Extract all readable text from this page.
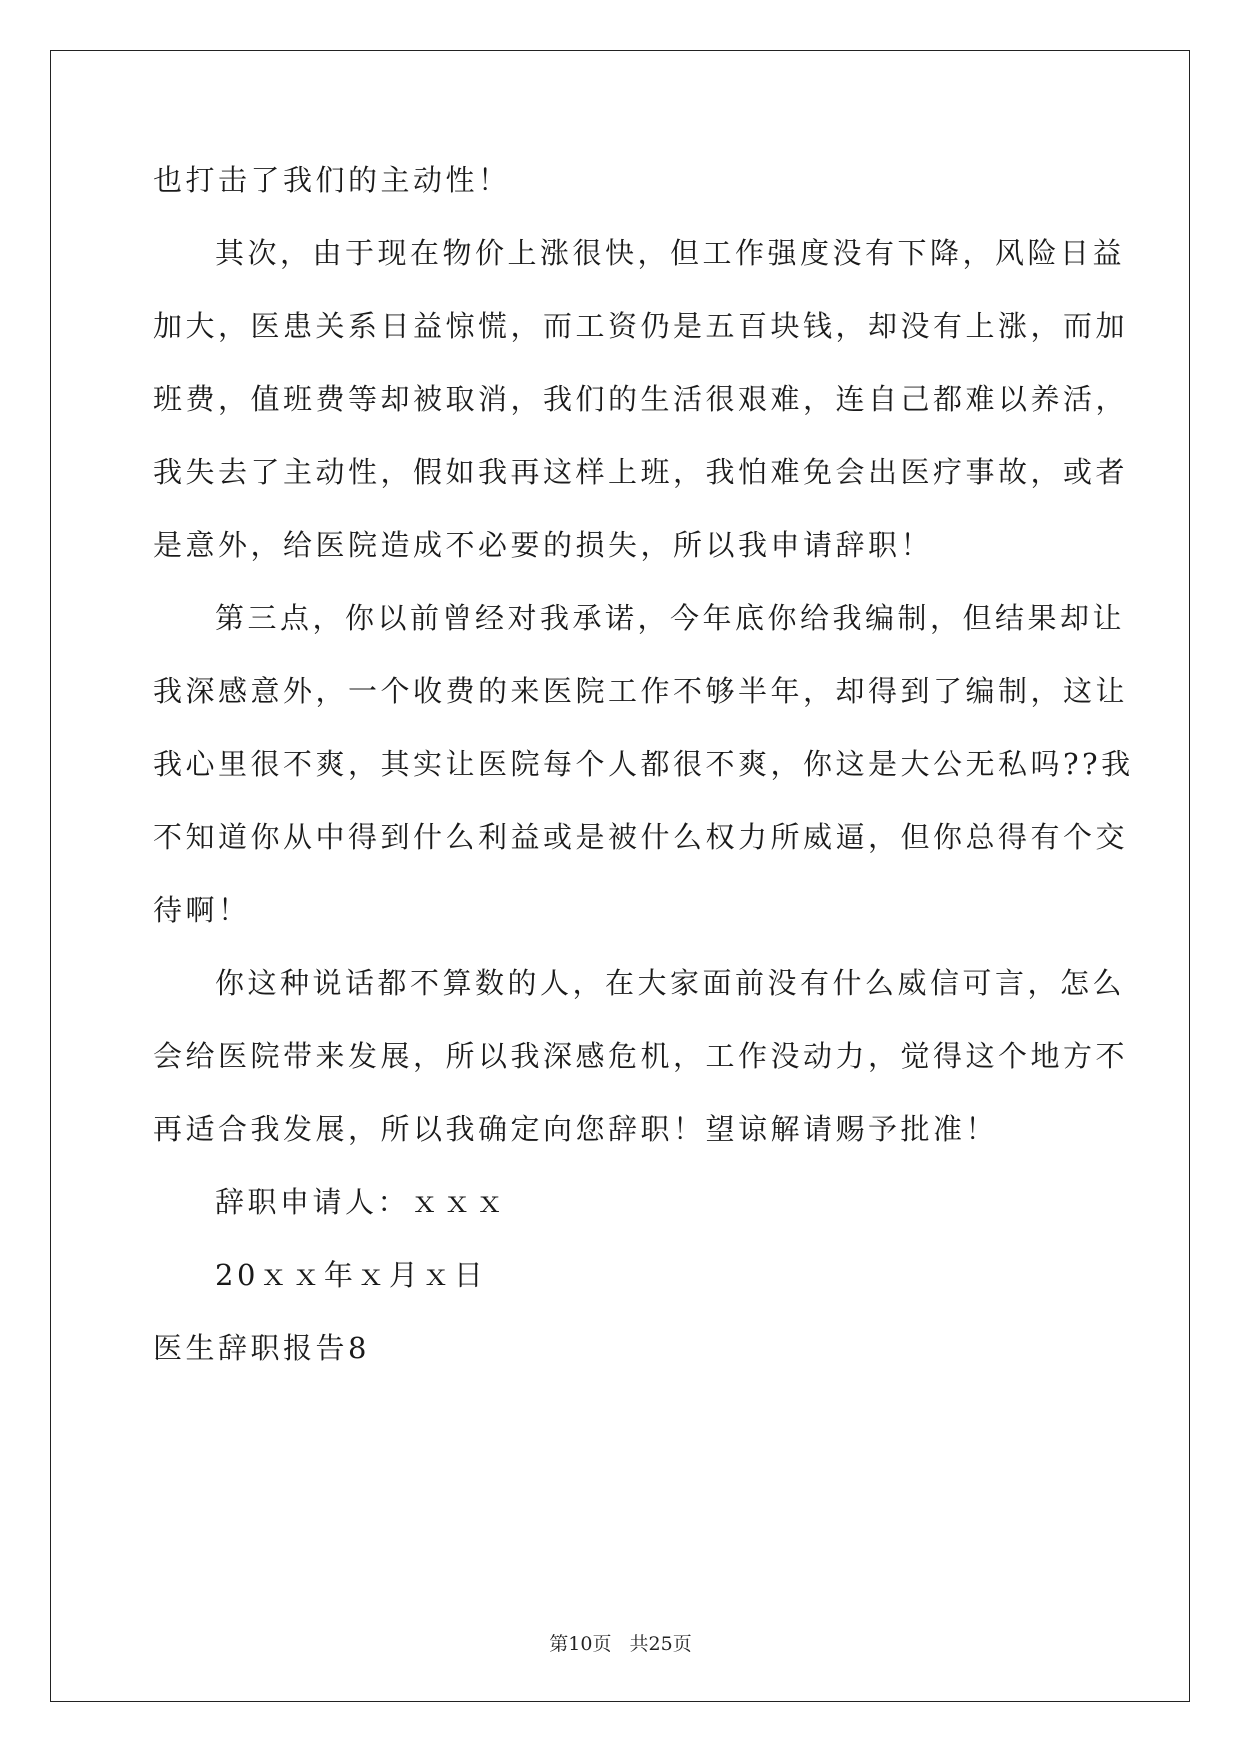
也打击了我们的主动性！
其次，由于现在物价上涨很快，但工作强度没有下降，风险日益
加大，医患关系日益惊慌，而工资仍是五百块钱，却没有上涨，而加
班费，值班费等却被取消，我们的生活很艰难，连自己都难以养活，
我失去了主动性，假如我再这样上班，我怕难免会出医疗事故，或者
是意外，给医院造成不必要的损失，所以我申请辞职！
第三点，你以前曾经对我承诺，今年底你给我编制，但结果却让
我深感意外，一个收费的来医院工作不够半年，却得到了编制，这让
我心里很不爽，其实让医院每个人都很不爽，你这是大公无私吗??我
不知道你从中得到什么利益或是被什么权力所威逼，但你总得有个交
待啊！
你这种说话都不算数的人，在大家面前没有什么威信可言，怎么
会给医院带来发展，所以我深感危机，工作没动力，觉得这个地方不
再适合我发展，所以我确定向您辞职！望谅解请赐予批准！
辞职申请人：ｘｘｘ
20ｘｘ年ｘ月ｘ日
医生辞职报告8
第10页 共25页
